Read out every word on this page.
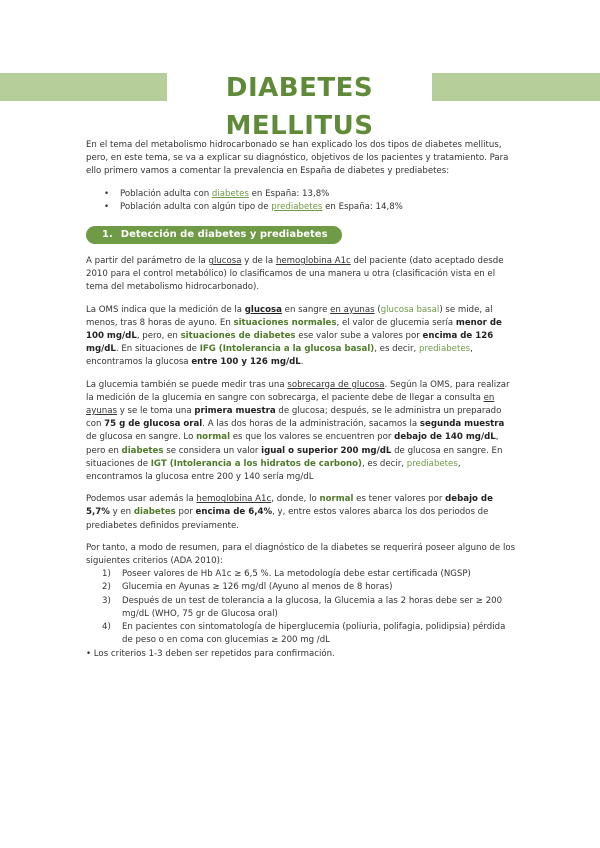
DIABETES MELLITUS

En el tema del metabolismo hidrocarbonado se han explicado los dos tipos de diabetes mellitus, pero, en este tema, se va a explicar su diagnóstico, objetivos de los pacientes y tratamiento. Para ello primero vamos a comentar la prevalencia en España de diabetes y prediabetes:

• Población adulta con diabetes en España: 13,8%
• Población adulta con algún tipo de prediabetes en España: 14,8%
1. Detección de diabetes y prediabetes

A partir del parámetro de la glucosa y de la hemoglobina A1c del paciente (dato aceptado desde 2010 para el control metabólico) lo clasificamos de una manera u otra (clasificación vista en el tema del metabolismo hidrocarbonado).

La OMS indica que la medición de la glucosa en sangre en ayunas (glucosa basal) se mide, al menos, tras 8 horas de ayuno. En situaciones normales, el valor de glucemia sería menor de 100 mg/dL, pero, en situaciones de diabetes ese valor sube a valores por encima de 126 mg/dL. En situaciones de IFG (Intolerancia a la glucosa basal), es decir, prediabetes, encontramos la glucosa entre 100 y 126 mg/dL.

La glucemia también se puede medir tras una sobrecarga de glucosa. Según la OMS, para realizar la medición de la glucemia en sangre con sobrecarga, el paciente debe de llegar a consulta en ayunas y se le toma una primera muestra de glucosa; después, se le administra un preparado con 75 g de glucosa oral. A las dos horas de la administración, sacamos la segunda muestra de glucosa en sangre. Lo normal es que los valores se encuentren por debajo de 140 mg/dL, pero en diabetes se considera un valor igual o superior 200 mg/dL de glucosa en sangre. En situaciones de IGT (Intolerancia a los hidratos de carbono), es decir, prediabetes, encontramos la glucosa entre 200 y 140 sería mg/dL

Podemos usar además la hemoglobina A1c, donde, lo normal es tener valores por debajo de 5,7% y en diabetes por encima de 6,4%, y, entre estos valores abarca los dos periodos de prediabetes definidos previamente.

Por tanto, a modo de resumen, para el diagnóstico de la diabetes se requerirá poseer alguno de los siguientes criterios (ADA 2010):

1) Poseer valores de Hb A1c ≥ 6,5 %. La metodología debe estar certificada (NGSP)
2) Glucemia en Ayunas ≥ 126 mg/dl (Ayuno al menos de 8 horas)
3) Después de un test de tolerancia a la glucosa, la Glucemia a las 2 horas debe ser ≥ 200 mg/dL (WHO, 75 gr de Glucosa oral)
4) En pacientes con sintomatología de hiperglucemia (poliuria, polifagia, polidipsia) pérdida de peso o en coma con glucemias ≥ 200 mg /dL
• Los criterios 1-3 deben ser repetidos para confirmación.
